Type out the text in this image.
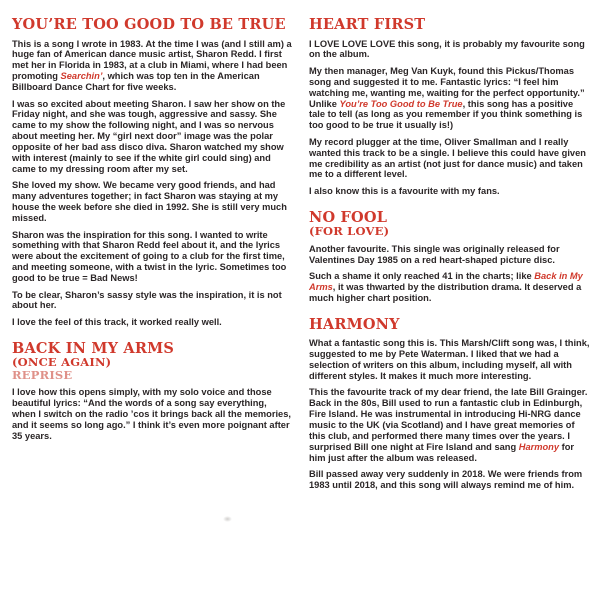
YOU’RE TOO GOOD TO BE TRUE

This is a song I wrote in 1983. At the time I was (and I still am) a huge fan of American dance music artist, Sharon Redd. I first met her in Florida in 1983, at a club in Miami, where I had been promoting Searchin’, which was top ten in the American Billboard Dance Chart for five weeks.

I was so excited about meeting Sharon. I saw her show on the Friday night, and she was tough, aggressive and sassy. She came to my show the following night, and I was so nervous about meeting her. My “girl next door” image was the polar opposite of her bad ass disco diva. Sharon watched my show with interest (mainly to see if the white girl could sing) and came to my dressing room after my set.

She loved my show. We became very good friends, and had many adventures together; in fact Sharon was staying at my house the week before she died in 1992. She is still very much missed.

Sharon was the inspiration for this song. I wanted to write something with that Sharon Redd feel about it, and the lyrics were about the excitement of going to a club for the first time, and meeting someone, with a twist in the lyric. Sometimes too good to be true = Bad News!

To be clear, Sharon’s sassy style was the inspiration, it is not about her.

I love the feel of this track, it worked really well.

BACK IN MY ARMS
(ONCE AGAIN)
REPRISE

I love how this opens simply, with my solo voice and those beautiful lyrics: “And the words of a song say everything, when I switch on the radio ’cos it brings back all the memories, and it seems so long ago.” I think it’s even more poignant after 35 years.

HEART FIRST

I LOVE LOVE LOVE this song, it is probably my favourite song on the album.

My then manager, Meg Van Kuyk, found this Pickus/Thomas song and suggested it to me. Fantastic lyrics: “I feel him watching me, wanting me, waiting for the perfect opportunity.” Unlike You’re Too Good to Be True, this song has a positive tale to tell (as long as you remember if you think something is too good to be true it usually is!)

My record plugger at the time, Oliver Smallman and I really wanted this track to be a single. I believe this could have given me credibility as an artist (not just for dance music) and taken me to a different level.

I also know this is a favourite with my fans.

NO FOOL
(FOR LOVE)

Another favourite. This single was originally released for Valentines Day 1985 on a red heart-shaped picture disc.

Such a shame it only reached 41 in the charts; like Back in My Arms, it was thwarted by the distribution drama. It deserved a much higher chart position.

HARMONY

What a fantastic song this is. This Marsh/Clift song was, I think, suggested to me by Pete Waterman. I liked that we had a selection of writers on this album, including myself, all with different styles. It makes it much more interesting.

This the favourite track of my dear friend, the late Bill Grainger. Back in the 80s, Bill used to run a fantastic club in Edinburgh, Fire Island. He was instrumental in introducing Hi-NRG dance music to the UK (via Scotland) and I have great memories of this club, and performed there many times over the years. I surprised Bill one night at Fire Island and sang Harmony for him just after the album was released.

Bill passed away very suddenly in 2018. We were friends from 1983 until 2018, and this song will always remind me of him.
